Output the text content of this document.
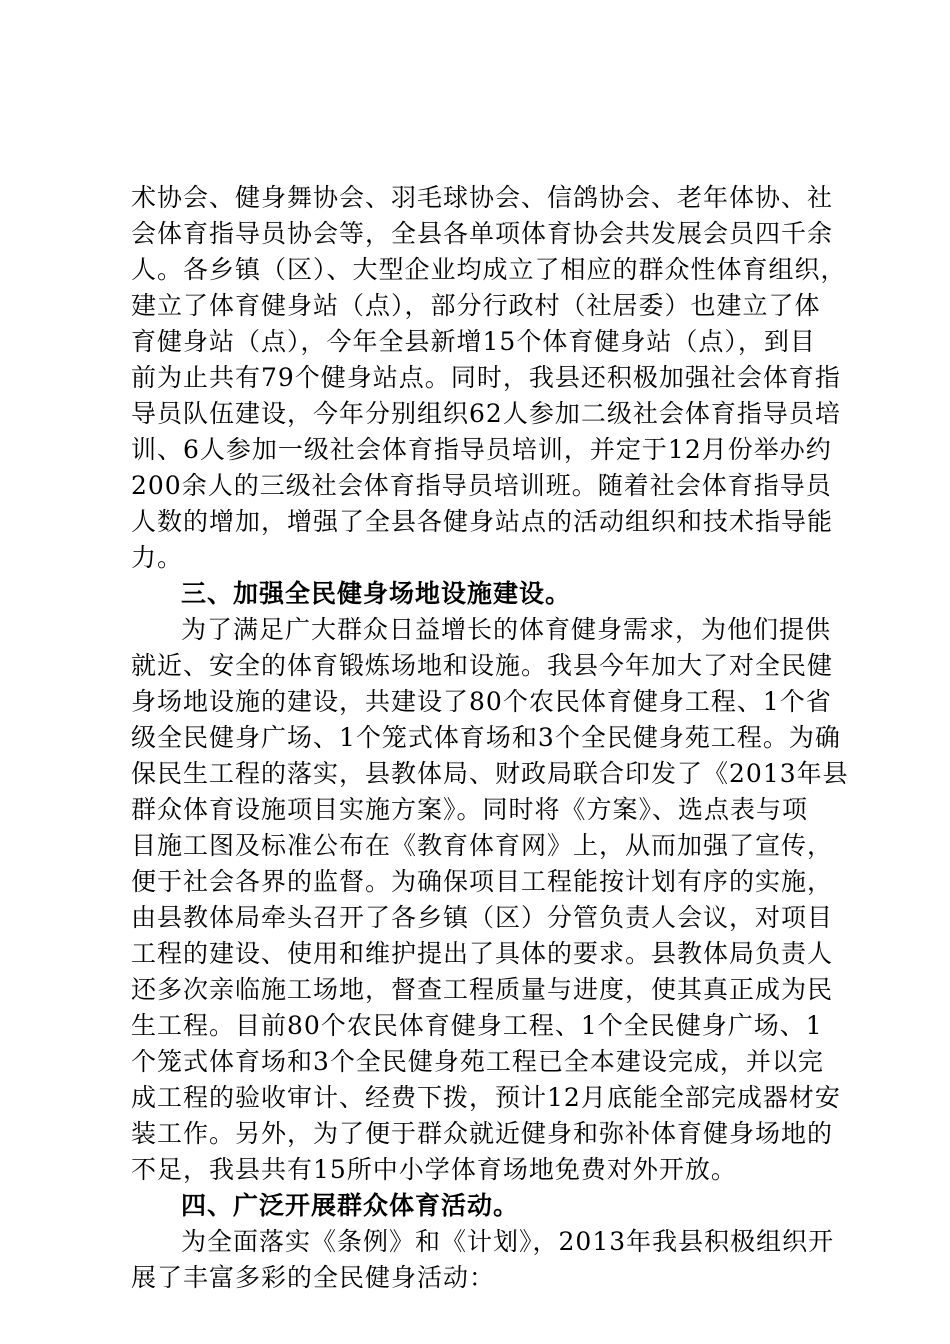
术协会、健身舞协会、羽毛球协会、信鸽协会、老年体协、社

会体育指导员协会等，全县各单项体育协会共发展会员四千余

人。各乡镇（区）、大型企业均成立了相应的群众性体育组织，

建立了体育健身站（点），部分行政村（社居委）也建立了体

育健身站（点），今年全县新增15个体育健身站（点），到目

前为止共有79个健身站点。同时，我县还积极加强社会体育指

导员队伍建设，今年分别组织62人参加二级社会体育指导员培

训、6人参加一级社会体育指导员培训，并定于12月份举办约

200余人的三级社会体育指导员培训班。随着社会体育指导员

人数的增加，增强了全县各健身站点的活动组织和技术指导能

力。

三、加强全民健身场地设施建设。

为了满足广大群众日益增长的体育健身需求，为他们提供

就近、安全的体育锻炼场地和设施。我县今年加大了对全民健

身场地设施的建设，共建设了80个农民体育健身工程、1个省

级全民健身广场、1个笼式体育场和3个全民健身苑工程。为确

保民生工程的落实，县教体局、财政局联合印发了《2013年县

群众体育设施项目实施方案》。同时将《方案》、选点表与项

目施工图及标准公布在《教育体育网》上，从而加强了宣传，

便于社会各界的监督。为确保项目工程能按计划有序的实施，

由县教体局牵头召开了各乡镇（区）分管负责人会议，对项目

工程的建设、使用和维护提出了具体的要求。县教体局负责人

还多次亲临施工场地，督查工程质量与进度，使其真正成为民

生工程。目前80个农民体育健身工程、1个全民健身广场、1

个笼式体育场和3个全民健身苑工程已全本建设完成，并以完

成工程的验收审计、经费下拨，预计12月底能全部完成器材安

装工作。另外，为了便于群众就近健身和弥补体育健身场地的

不足，我县共有15所中小学体育场地免费对外开放。

四、广泛开展群众体育活动。

为全面落实《条例》和《计划》，2013年我县积极组织开

展了丰富多彩的全民健身活动：
